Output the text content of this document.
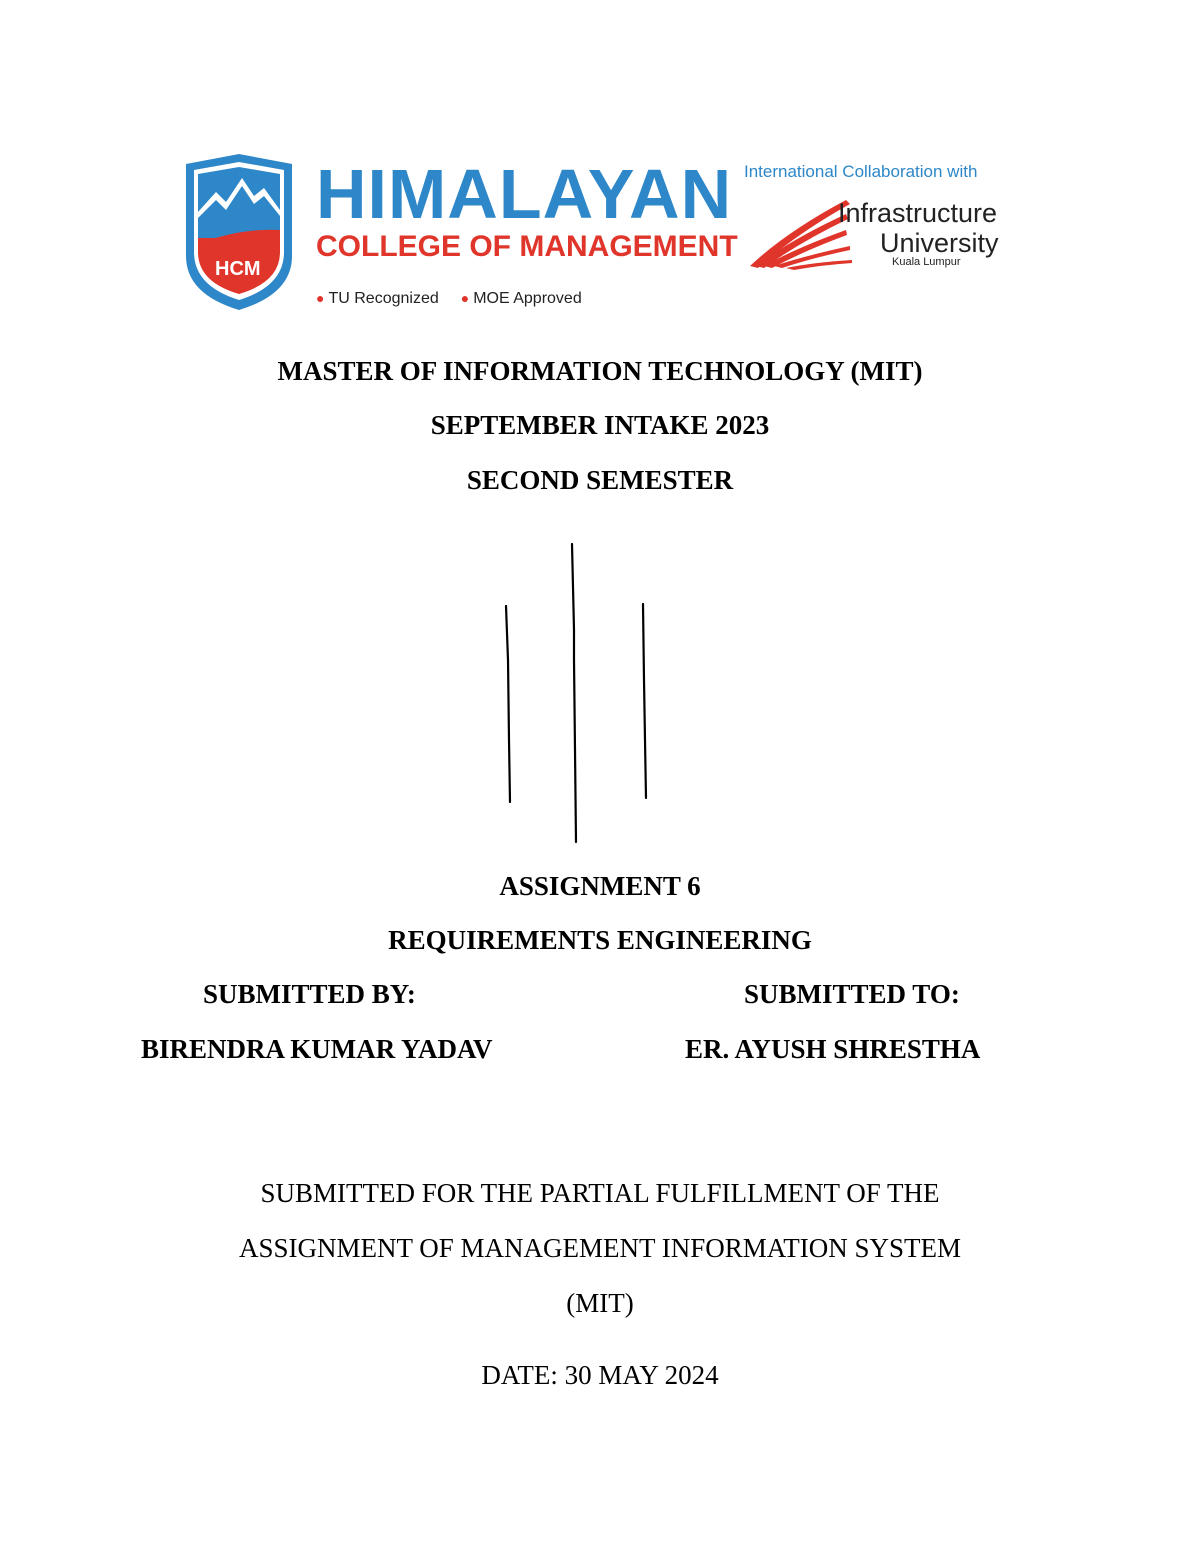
HCM
HIMALAYAN
COLLEGE OF MANAGEMENT
● TU Recognized ● MOE Approved
International Collaboration with
Infrastructure
University
Kuala Lumpur
MASTER OF INFORMATION TECHNOLOGY (MIT)
SEPTEMBER INTAKE 2023
SECOND SEMESTER
ASSIGNMENT 6
REQUIREMENTS ENGINEERING
SUBMITTED BY:	SUBMITTED TO:
BIRENDRA KUMAR YADAV	ER. AYUSH SHRESTHA
SUBMITTED FOR THE PARTIAL FULFILLMENT OF THE
ASSIGNMENT OF MANAGEMENT INFORMATION SYSTEM
(MIT)
DATE: 30 MAY 2024
